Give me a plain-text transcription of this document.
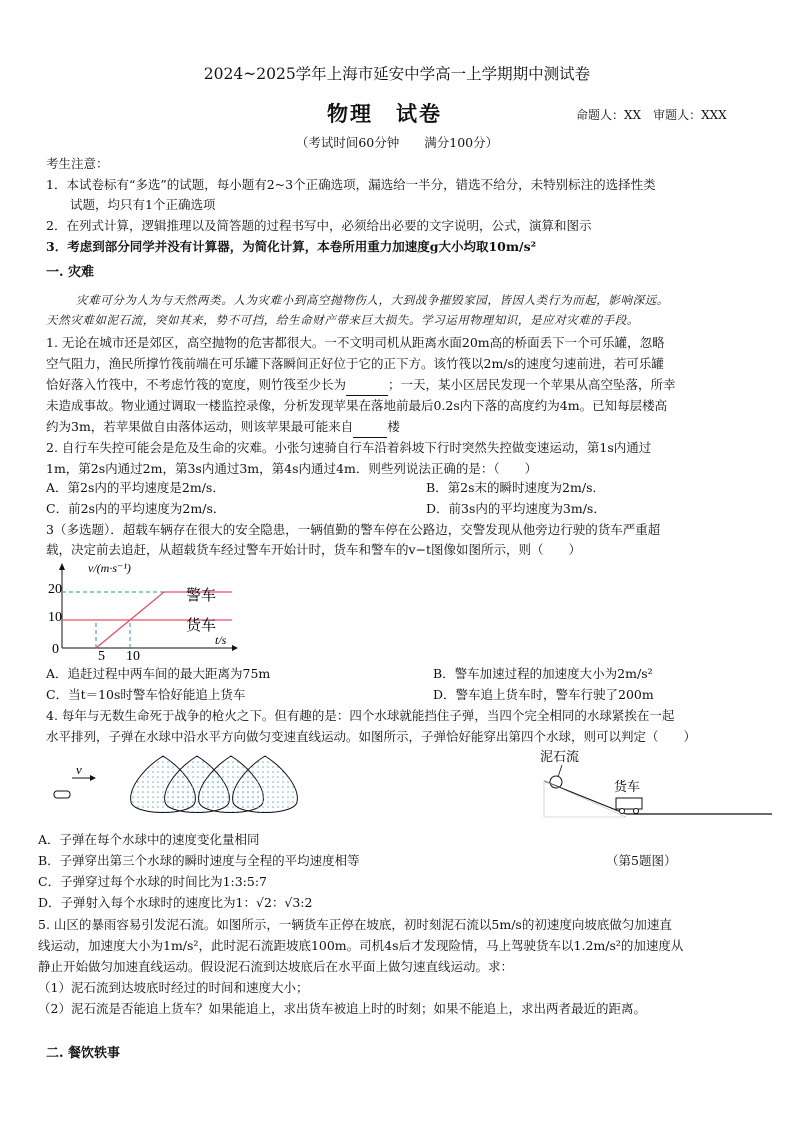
2024~2025学年上海市延安中学高一上学期期中测试卷
物理　试卷	命题人：XX　审题人：XXX
（考试时间60分钟　　满分100分）
考生注意：
1．本试卷标有“多选”的试题，每小题有2~3个正确选项，漏选给一半分，错选不给分，未特别标注的选择性类
试题，均只有1个正确选项
2．在列式计算，逻辑推理以及简答题的过程书写中，必须给出必要的文字说明，公式，演算和图示
3．考虑到部分同学并没有计算器，为简化计算，本卷所用重力加速度g大小均取10m/s²
一. 灾难
灾难可分为人为与天然两类。人为灾难小到高空抛物伤人，大到战争摧毁家园，皆因人类行为而起，影响深远。
天然灾难如泥石流，突如其来，势不可挡，给生命财产带来巨大损失。学习运用物理知识，是应对灾难的手段。
1. 无论在城市还是郊区，高空抛物的危害都很大。一不文明司机从距离水面20m高的桥面丢下一个可乐罐，忽略
空气阻力，渔民所撑竹筏前端在可乐罐下落瞬间正好位于它的正下方。该竹筏以2m/s的速度匀速前进，若可乐罐
恰好落入竹筏中，不考虑竹筏的宽度，则竹筏至少长为	；一天，某小区居民发现一个苹果从高空坠落，所幸
未造成事故。物业通过调取一楼监控录像，分析发现苹果在落地前最后0.2s内下落的高度约为4m。已知每层楼高
约为3m，若苹果做自由落体运动，则该苹果最可能来自	楼
2. 自行车失控可能会是危及生命的灾难。小张匀速骑自行车沿着斜坡下行时突然失控做变速运动，第1s内通过
1m，第2s内通过2m，第3s内通过3m，第4s内通过4m．则些列说法正确的是：（　　）
A．第2s内的平均速度是2m/s．	B．第2s末的瞬时速度为2m/s．
C．前2s内的平均速度为2m/s．	D．前3s内的平均速度为3m/s．
3（多选题）．超载车辆存在很大的安全隐患，一辆值勤的警车停在公路边，交警发现从他旁边行驶的货车严重超
载，决定前去追赶，从超载货车经过警车开始计时，货车和警车的v−t图像如图所示，则（　　）
v/(m·s⁻¹)
t/s
20
10
0	5 10
警车
货车
A．追赶过程中两车间的最大距离为75m	B．警车加速过程的加速度大小为2m/s²
C．当t＝10s时警车恰好能追上货车	D．警车追上货车时，警车行驶了200m
4. 每年与无数生命死于战争的枪火之下。但有趣的是：四个水球就能挡住子弹，当四个完全相同的水球紧挨在一起
水平排列，子弹在水球中沿水平方向做匀变速直线运动。如图所示，子弹恰好能穿出第四个水球，则可以判定（　　）
v
泥石流
货车
A．子弹在每个水球中的速度变化量相同
B．子弹穿出第三个水球的瞬时速度与全程的平均速度相等	（第5题图）
C．子弹穿过每个水球的时间比为1:3:5:7
D．子弹射入每个水球时的速度比为1：√2：√3:2
5. 山区的暴雨容易引发泥石流。如图所示，一辆货车正停在坡底，初时刻泥石流以5m/s的初速度向坡底做匀加速直
线运动，加速度大小为1m/s²，此时泥石流距坡底100m。司机4s后才发现险情，马上驾驶货车以1.2m/s²的加速度从
静止开始做匀加速直线运动。假设泥石流到达坡底后在水平面上做匀速直线运动。求：
（1）泥石流到达坡底时经过的时间和速度大小；
（2）泥石流是否能追上货车？如果能追上，求出货车被追上时的时刻；如果不能追上，求出两者最近的距离。
二. 餐饮轶事
